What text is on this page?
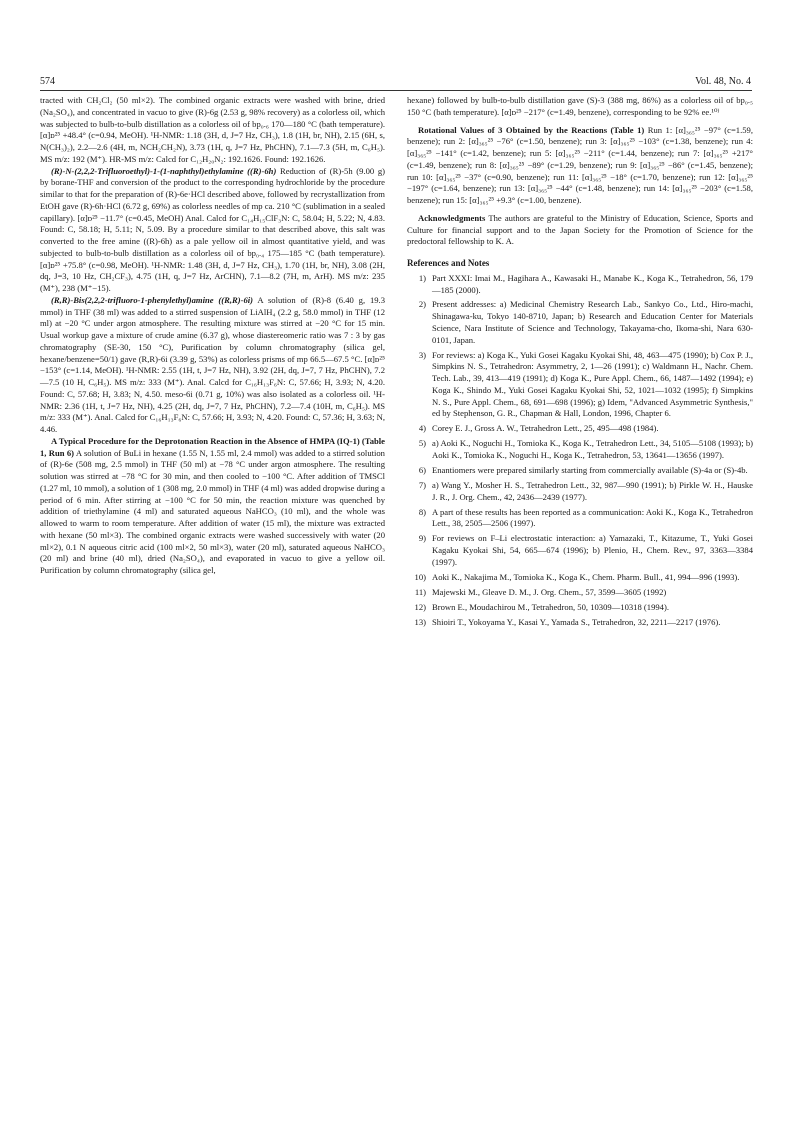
574	Vol. 48, No. 4

tracted with CH₂Cl₂ (50 ml×2). The combined organic extracts were washed with brine, dried (Na₂SO₄), and concentrated in vacuo to give (R)-6g (2.53 g, 98% recovery) as a colorless oil, which was subjected to bulb-to-bulb distillation as a colorless oil of bp₀.₆ 170—180 °C (bath temperature). [α]ᴅ²⁵ +48.4° (c=0.94, MeOH). ¹H-NMR: 1.18 (3H, d, J=7 Hz, CH₃), 1.8 (1H, br, NH), 2.15 (6H, s, N(CH₃)₂), 2.2—2.6 (4H, m, NCH₂CH₂N), 3.73 (1H, q, J=7 Hz, PhCHN), 7.1—7.3 (5H, m, C₆H₅). MS m/z: 192 (M⁺). HR-MS m/z: Calcd for C₁₂H₂₀N₂: 192.1626. Found: 192.1626.

(R)-N-(2,2,2-Trifluoroethyl)-1-(1-naphthyl)ethylamine ((R)-6h) Reduction of (R)-5h (9.00 g) by borane-THF and conversion of the product to the corresponding hydrochloride by the procedure similar to that for the preparation of (R)-6e·HCl described above, followed by recrystallization from EtOH gave (R)-6h·HCl (6.72 g, 69%) as colorless needles of mp ca. 210 °C (sublimation in a sealed capillary). [α]ᴅ²⁵ −11.7° (c=0.45, MeOH) Anal. Calcd for C₁₄H₁₅ClF₃N: C, 58.04; H, 5.22; N, 4.83. Found: C, 58.18; H, 5.11; N, 5.09. By a procedure similar to that described above, this salt was converted to the free amine ((R)-6h) as a pale yellow oil in almost quantitative yield, and was subjected to bulb-to-bulb distillation as a colorless oil of bp₀.₄ 175—185 °C (bath temperature). [α]ᴅ²⁵ +75.8° (c=0.98, MeOH). ¹H-NMR: 1.48 (3H, d, J=7 Hz, CH₃), 1.70 (1H, br, NH), 3.08 (2H, dq, J=3, 10 Hz, CH₂CF₃), 4.75 (1H, q, J=7 Hz, ArCHN), 7.1—8.2 (7H, m, ArH). MS m/z: 235 (M⁺), 238 (M⁺−15).

(R,R)-Bis(2,2,2-trifluoro-1-phenylethyl)amine ((R,R)-6i) A solution of (R)-8 (6.40 g, 19.3 mmol) in THF (38 ml) was added to a stirred suspension of LiAlH₄ (2.2 g, 58.0 mmol) in THF (12 ml) at −20 °C under argon atmosphere. The resulting mixture was stirred at −20 °C for 15 min. Usual workup gave a mixture of crude amine (6.37 g), whose diastereomeric ratio was 7 : 3 by gas chromatography (SE-30, 150 °C), Purification by column chromatography (silica gel, hexane/benzene=50/1) gave (R,R)-6i (3.39 g, 53%) as colorless prisms of mp 66.5—67.5 °C. [α]ᴅ²⁵ −153° (c=1.14, MeOH). ¹H-NMR: 2.55 (1H, t, J=7 Hz, NH), 3.92 (2H, dq, J=7, 7 Hz, PhCHN), 7.2—7.5 (10 H, C₆H₅). MS m/z: 333 (M⁺). Anal. Calcd for C₁₆H₁₃F₆N: C, 57.66; H, 3.93; N, 4.20. Found: C, 57.68; H, 3.83; N, 4.50. meso-6i (0.71 g, 10%) was also isolated as a colorless oil. ¹H-NMR: 2.36 (1H, t, J=7 Hz, NH), 4.25 (2H, dq, J=7, 7 Hz, PhCHN), 7.2—7.4 (10H, m, C₆H₅). MS m/z: 333 (M⁺). Anal. Calcd for C₁₆H₁₃F₆N: C, 57.66; H, 3.93; N, 4.20. Found: C, 57.36; H, 3.63; N, 4.46.

A Typical Procedure for the Deprotonation Reaction in the Absence of HMPA (IQ-1) (Table 1, Run 6) A solution of BuLi in hexane (1.55 N, 1.55 ml, 2.4 mmol) was added to a stirred solution of (R)-6e (508 mg, 2.5 mmol) in THF (50 ml) at −78 °C under argon atmosphere. The resulting solution was stirred at −78 °C for 30 min, and then cooled to −100 °C. After addition of TMSCl (1.27 ml, 10 mmol), a solution of 1 (308 mg, 2.0 mmol) in THF (4 ml) was added dropwise during a period of 6 min. After stirring at −100 °C for 50 min, the reaction mixture was quenched by addition of triethylamine (4 ml) and saturated aqueous NaHCO₃ (10 ml), and the whole was allowed to warm to room temperature. After addition of water (15 ml), the mixture was extracted with hexane (50 ml×3). The combined organic extracts were washed successively with water (20 ml×2), 0.1 N aqueous citric acid (100 ml×2, 50 ml×3), water (20 ml), saturated aqueous NaHCO₃ (20 ml) and brine (40 ml), dried (Na₂SO₄), and evaporated in vacuo to give a yellow oil. Purification by column chromatography (silica gel,

hexane) followed by bulb-to-bulb distillation gave (S)-3 (388 mg, 86%) as a colorless oil of bp₀.₅ 150 °C (bath temperature). [α]ᴅ²⁵ −217° (c=1.49, benzene), corresponding to be 92% ee.¹⁰⁾

Rotational Values of 3 Obtained by the Reactions (Table 1) Run 1: [α]₃₆₅²⁵ −97° (c=1.59, benzene); run 2: [α]₃₆₅²⁵ −76° (c=1.50, benzene); run 3: [α]₃₆₅²⁵ −103° (c=1.38, benzene); run 4: [α]₃₆₅²⁵ −141° (c=1.42, benzene); run 5: [α]₃₆₅²⁵ −211° (c=1.44, benzene); run 7: [α]₃₆₅²⁵ +217° (c=1.49, benzene); run 8: [α]₃₆₅²⁵ −89° (c=1.29, benzene); run 9: [α]₃₆₅²⁵ −86° (c=1.45, benzene); run 10: [α]₃₆₅²⁵ −37° (c=0.90, benzene); run 11: [α]₃₆₅²⁵ −18° (c=1.70, benzene); run 12: [α]₃₆₅²⁵ −197° (c=1.64, benzene); run 13: [α]₃₆₅²⁵ −44° (c=1.48, benzene); run 14: [α]₃₆₅²⁵ −203° (c=1.58, benzene); run 15: [α]₃₆₅²⁵ +9.3° (c=1.00, benzene).

Acknowledgments The authors are grateful to the Ministry of Education, Science, Sports and Culture for financial support and to the Japan Society for the Promotion of Science for the predoctoral fellowship to K. A.

References and Notes
1) Part XXXI: Imai M., Hagihara A., Kawasaki H., Manabe K., Koga K., Tetrahedron, 56, 179—185 (2000).
2) Present addresses: a) Medicinal Chemistry Research Lab., Sankyo Co., Ltd., Hiro-machi, Shinagawa-ku, Tokyo 140-8710, Japan; b) Research and Education Center for Materials Science, Nara Institute of Science and Technology, Takayama-cho, Ikoma-shi, Nara 630-0101, Japan.
3) For reviews: a) Koga K., Yuki Gosei Kagaku Kyokai Shi, 48, 463—475 (1990); b) Cox P. J., Simpkins N. S., Tetrahedron: Asymmetry, 2, 1—26 (1991); c) Waldmann H., Nachr. Chem. Tech. Lab., 39, 413—419 (1991); d) Koga K., Pure Appl. Chem., 66, 1487—1492 (1994); e) Koga K., Shindo M., Yuki Gosei Kagaku Kyokai Shi, 52, 1021—1032 (1995); f) Simpkins N. S., Pure Appl. Chem., 68, 691—698 (1996); g) Idem, "Advanced Asymmetric Synthesis," ed by Stephenson, G. R., Chapman & Hall, London, 1996, Chapter 6.
4) Corey E. J., Gross A. W., Tetrahedron Lett., 25, 495—498 (1984).
5) a) Aoki K., Noguchi H., Tomioka K., Koga K., Tetrahedron Lett., 34, 5105—5108 (1993); b) Aoki K., Tomioka K., Noguchi H., Koga K., Tetrahedron, 53, 13641—13656 (1997).
6) Enantiomers were prepared similarly starting from commercially available (S)-4a or (S)-4b.
7) a) Wang Y., Mosher H. S., Tetrahedron Lett., 32, 987—990 (1991); b) Pirkle W. H., Hauske J. R., J. Org. Chem., 42, 2436—2439 (1977).
8) A part of these results has been reported as a communication: Aoki K., Koga K., Tetrahedron Lett., 38, 2505—2506 (1997).
9) For reviews on F–Li electrostatic interaction: a) Yamazaki, T., Kitazume, T., Yuki Gosei Kagaku Kyokai Shi, 54, 665—674 (1996); b) Plenio, H., Chem. Rev., 97, 3363—3384 (1997).
10) Aoki K., Nakajima M., Tomioka K., Koga K., Chem. Pharm. Bull., 41, 994—996 (1993).
11) Majewski M., Gleave D. M., J. Org. Chem., 57, 3599—3605 (1992)
12) Brown E., Moudachirou M., Tetrahedron, 50, 10309—10318 (1994).
13) Shioiri T., Yokoyama Y., Kasai Y., Yamada S., Tetrahedron, 32, 2211—2217 (1976).
